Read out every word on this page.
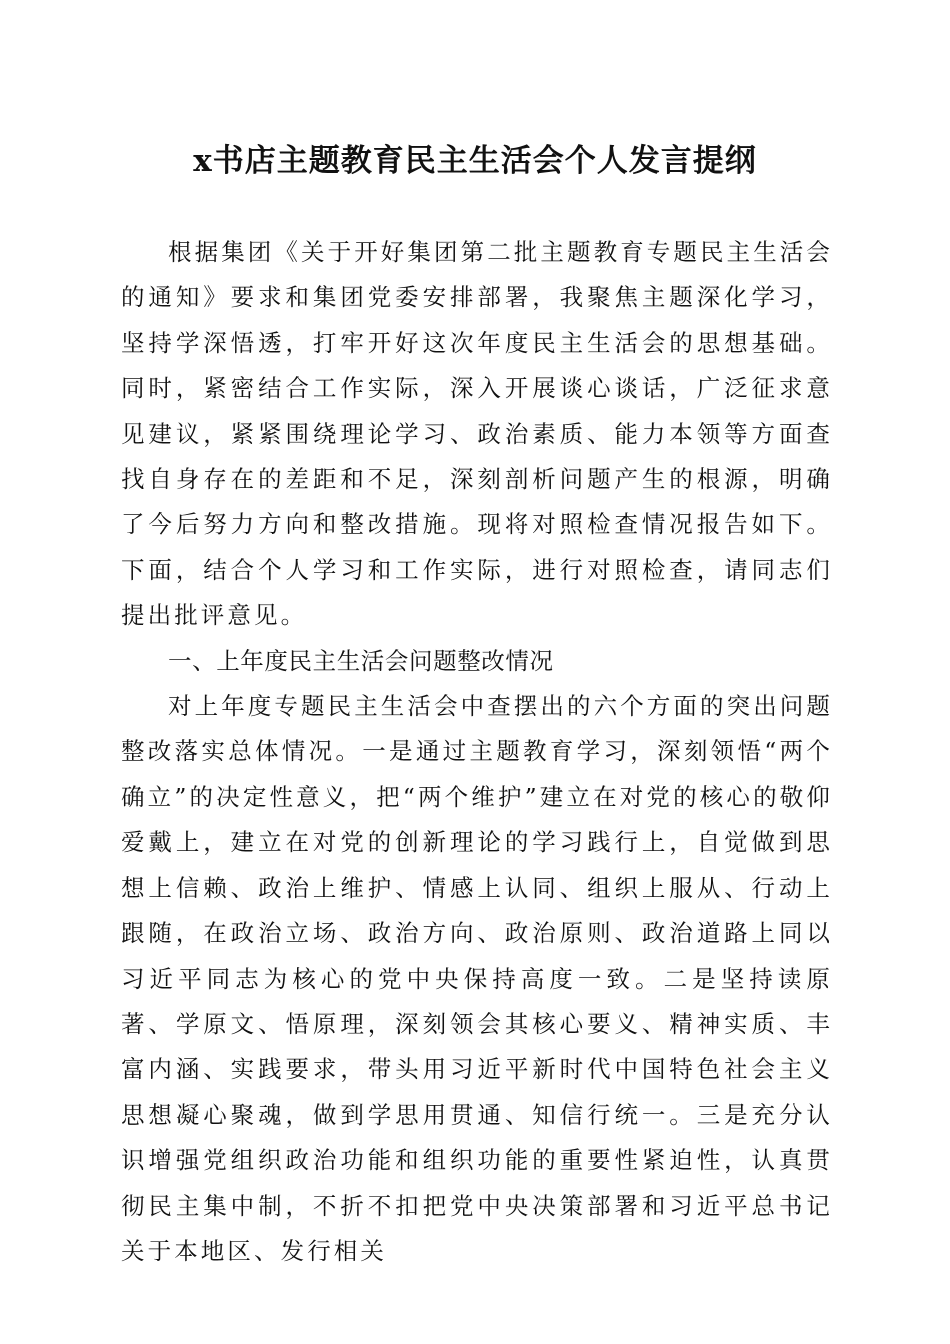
x书店主题教育民主生活会个人发言提纲

根据集团《关于开好集团第二批主题教育专题民主生活会的通知》要求和集团党委安排部署，我聚焦主题深化学习，坚持学深悟透，打牢开好这次年度民主生活会的思想基础。同时，紧密结合工作实际，深入开展谈心谈话，广泛征求意见建议，紧紧围绕理论学习、政治素质、能力本领等方面查找自身存在的差距和不足，深刻剖析问题产生的根源，明确了今后努力方向和整改措施。现将对照检查情况报告如下。下面，结合个人学习和工作实际，进行对照检查，请同志们提出批评意见。

一、上年度民主生活会问题整改情况

对上年度专题民主生活会中查摆出的六个方面的突出问题整改落实总体情况。一是通过主题教育学习，深刻领悟“两个确立”的决定性意义，把“两个维护”建立在对党的核心的敬仰爱戴上，建立在对党的创新理论的学习践行上，自觉做到思想上信赖、政治上维护、情感上认同、组织上服从、行动上跟随，在政治立场、政治方向、政治原则、政治道路上同以习近平同志为核心的党中央保持高度一致。二是坚持读原著、学原文、悟原理，深刻领会其核心要义、精神实质、丰富内涵、实践要求，带头用习近平新时代中国特色社会主义思想凝心聚魂，做到学思用贯通、知信行统一。三是充分认识增强党组织政治功能和组织功能的重要性紧迫性，认真贯彻民主集中制，不折不扣把党中央决策部署和习近平总书记关于本地区、发行相关
